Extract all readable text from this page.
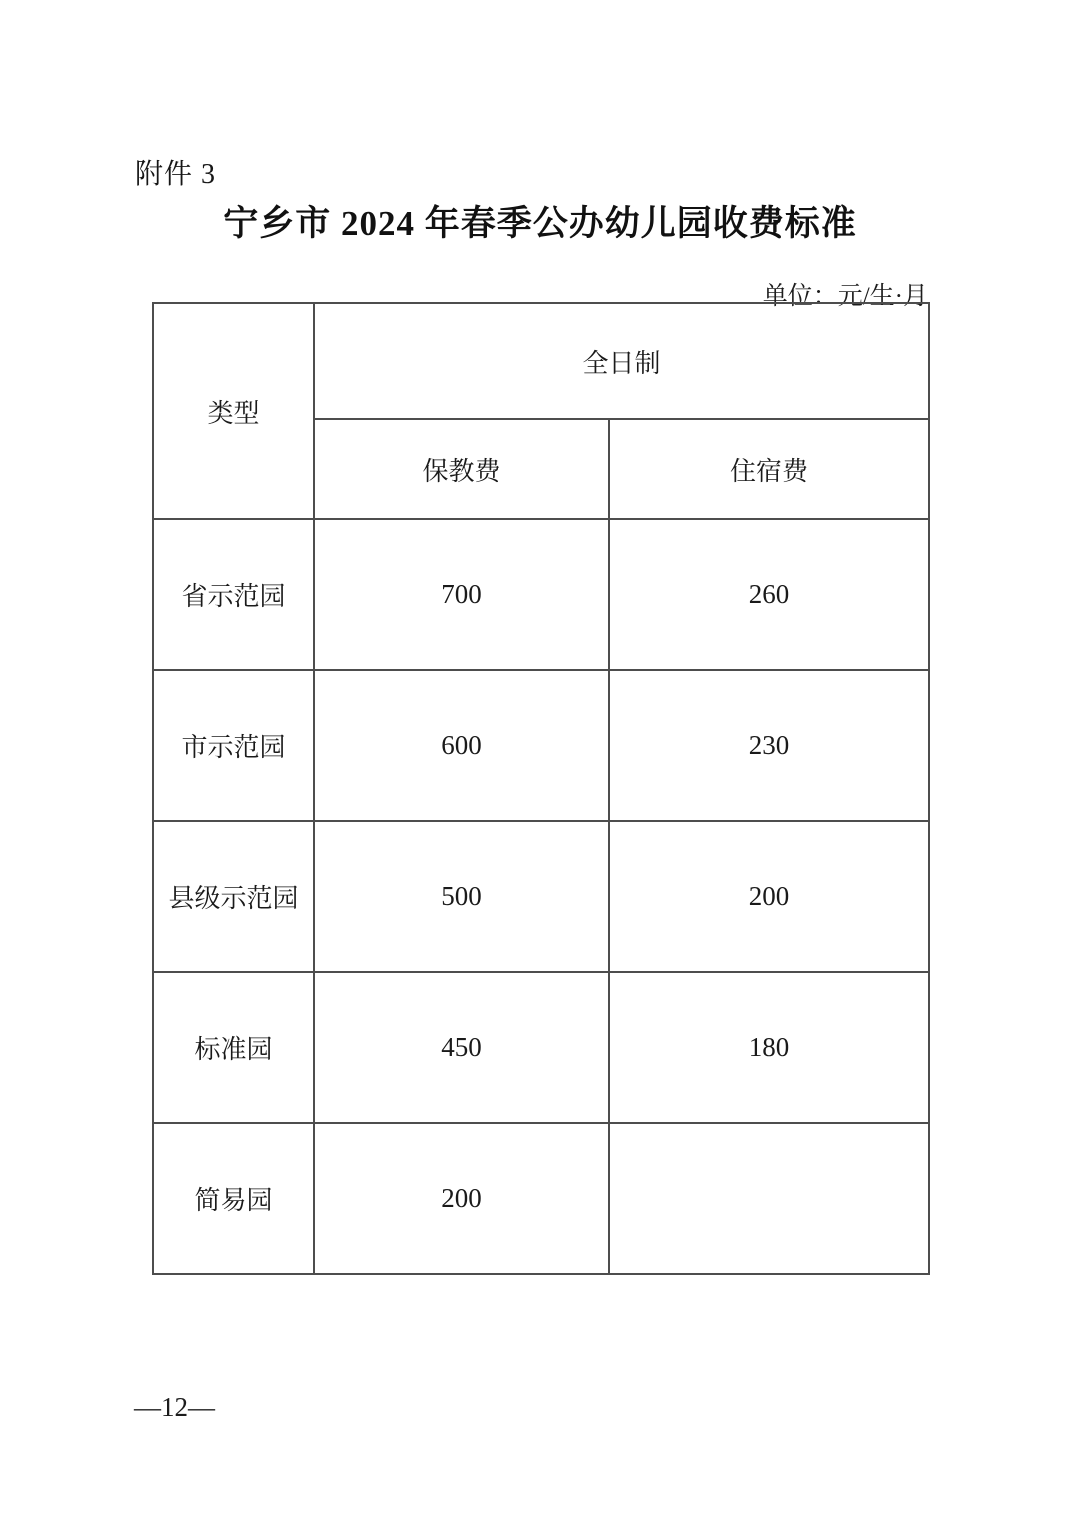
附件 3
宁乡市 2024 年春季公办幼儿园收费标准
单位：元/生·月
类型	全日制	
	保教费	住宿费
省示范园	700	260
市示范园	600	230
县级示范园	500	200
标准园	450	180
简易园	200	
—12—
